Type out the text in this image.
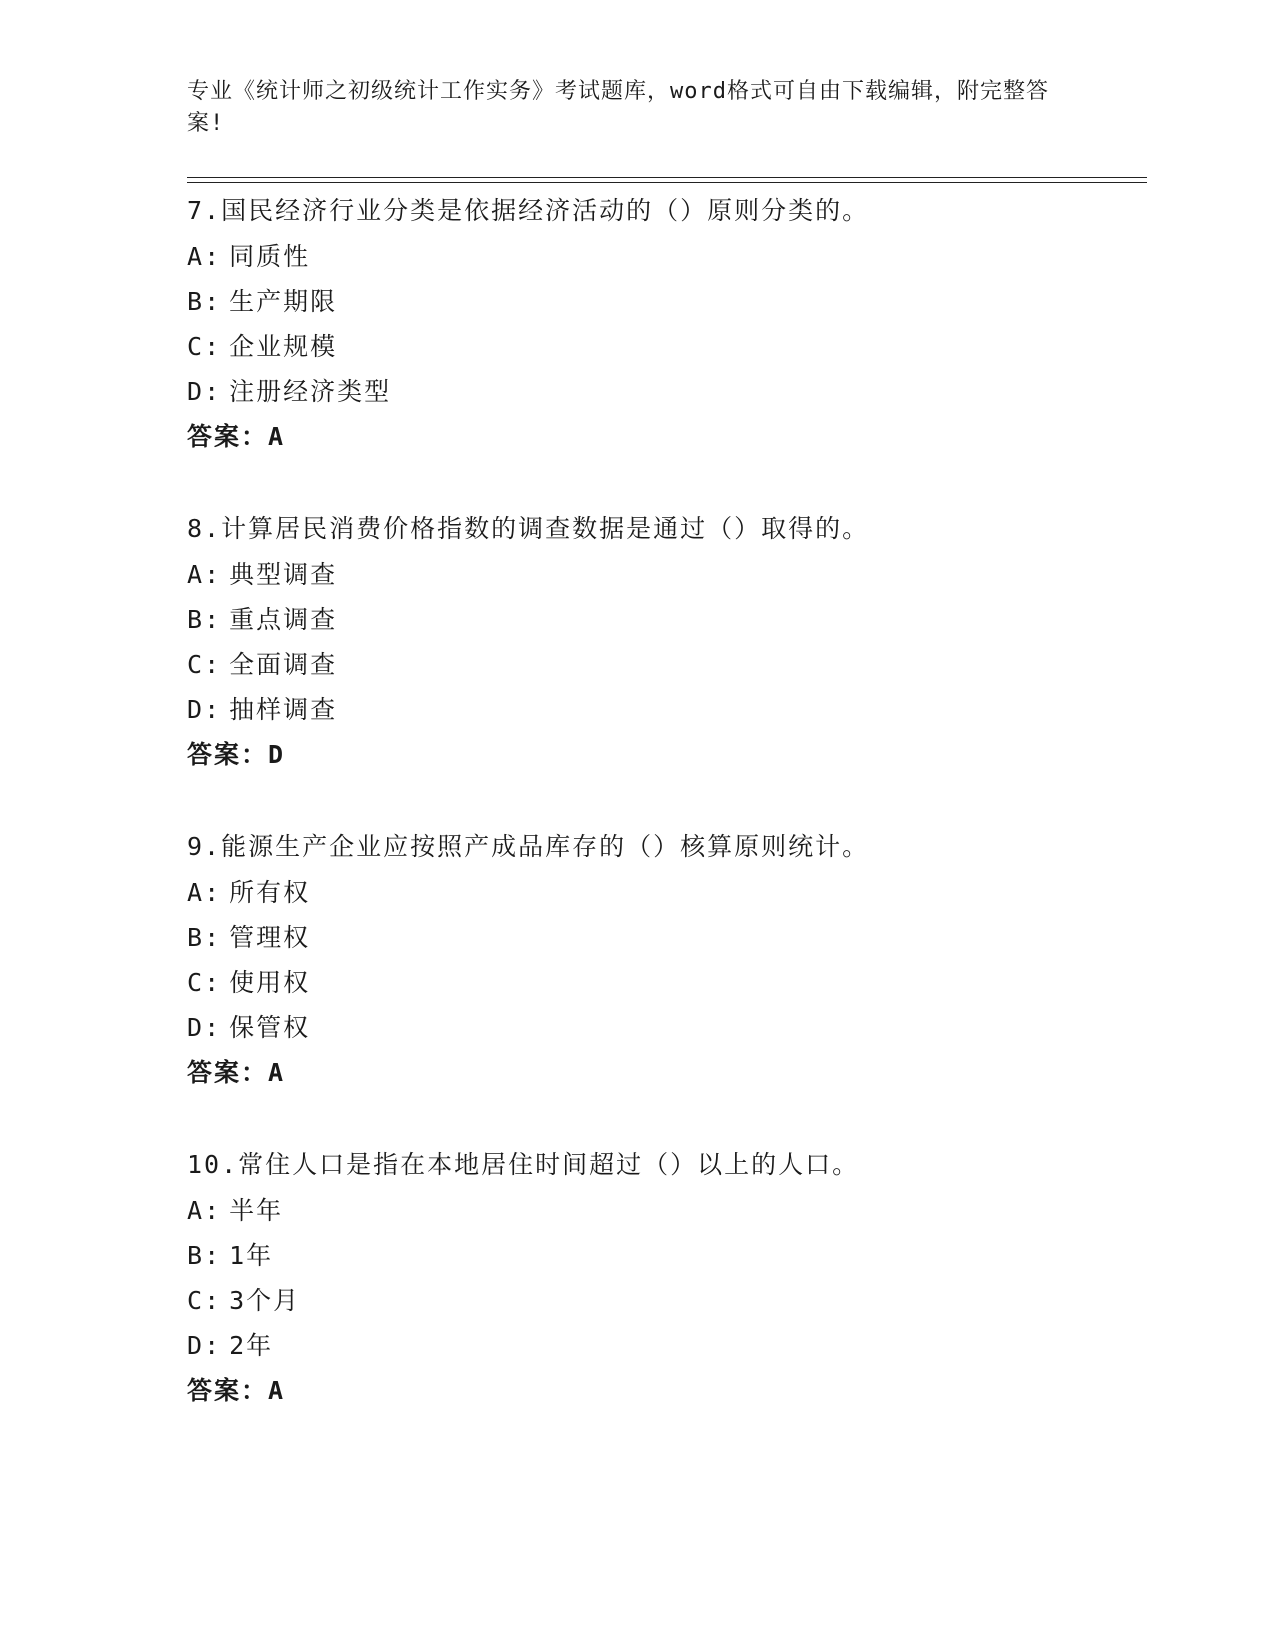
专业《统计师之初级统计工作实务》考试题库，word格式可自由下载编辑，附完整答案!
7.国民经济行业分类是依据经济活动的（）原则分类的。
A: 同质性
B: 生产期限
C: 企业规模
D: 注册经济类型
答案：A
8.计算居民消费价格指数的调查数据是通过（）取得的。
A: 典型调查
B: 重点调查
C: 全面调查
D: 抽样调查
答案：D
9.能源生产企业应按照产成品库存的（）核算原则统计。
A: 所有权
B: 管理权
C: 使用权
D: 保管权
答案：A
10.常住人口是指在本地居住时间超过（）以上的人口。
A: 半年
B: 1年
C: 3个月
D: 2年
答案：A
